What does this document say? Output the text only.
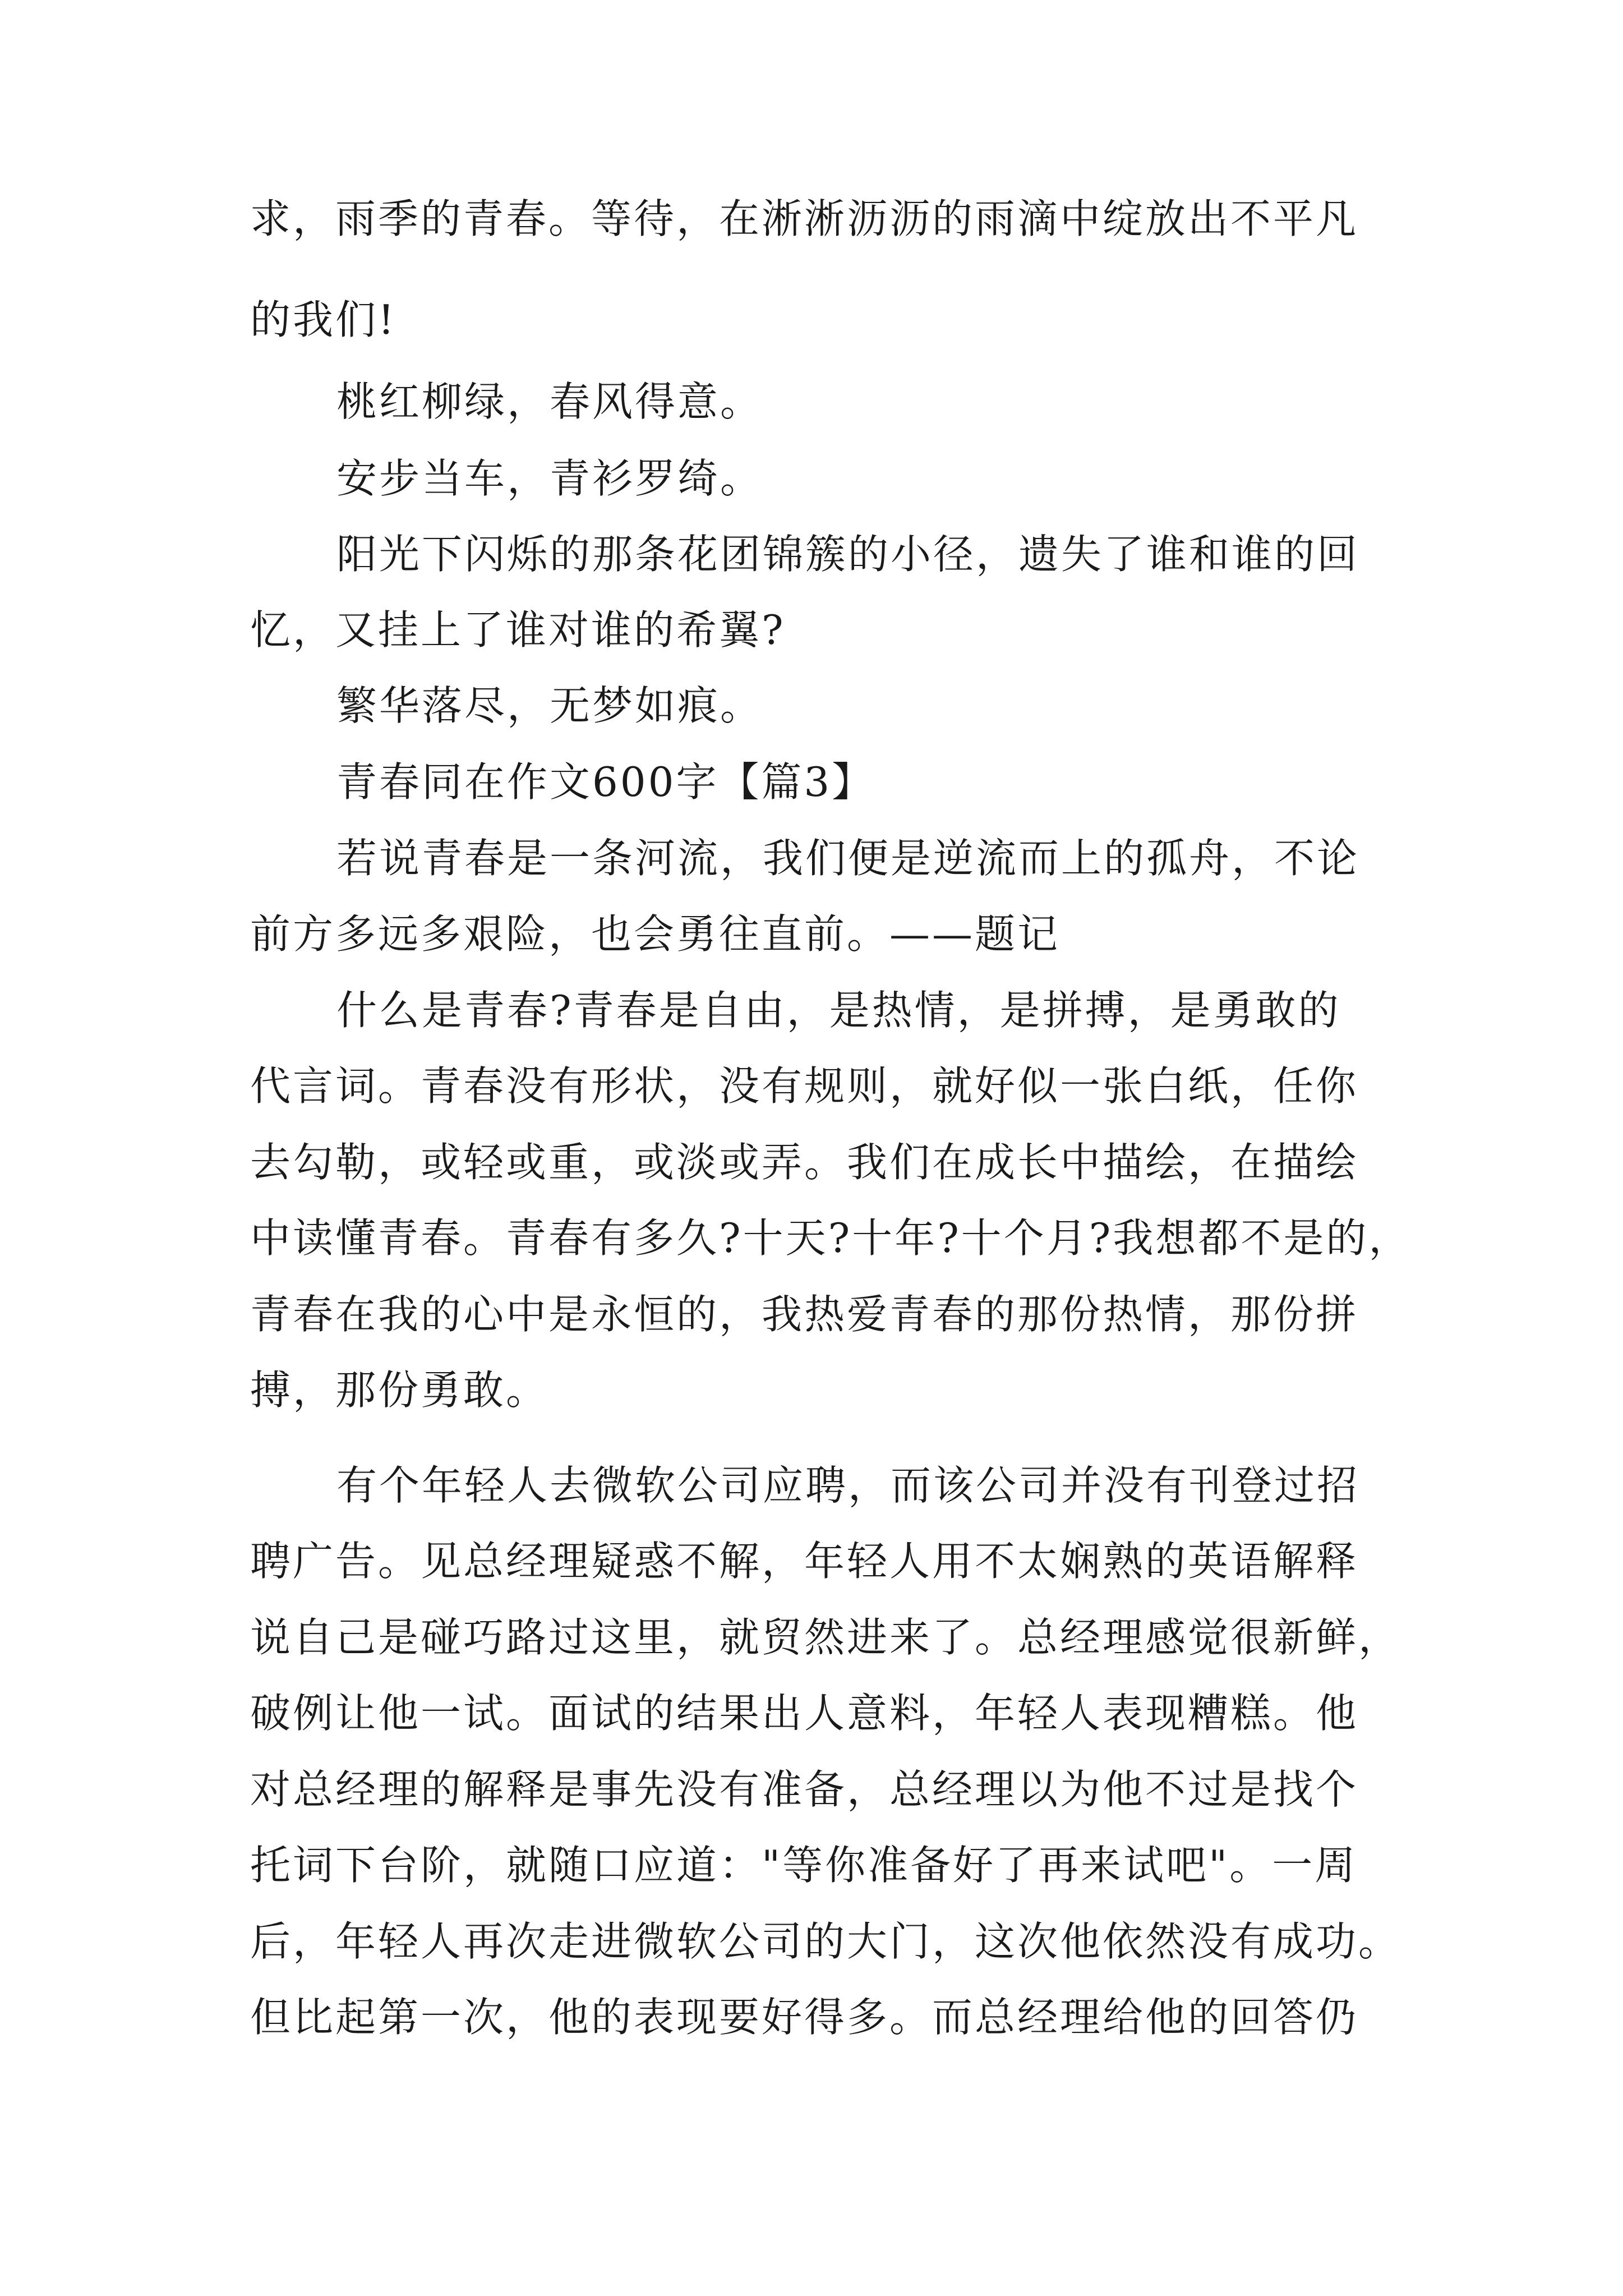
求，雨季的青春。等待，在淅淅沥沥的雨滴中绽放出不平凡
的我们!
桃红柳绿，春风得意。
安步当车，青衫罗绮。
阳光下闪烁的那条花团锦簇的小径，遗失了谁和谁的回
忆，又挂上了谁对谁的希翼?
繁华落尽，无梦如痕。
青春同在作文600字【篇3】
若说青春是一条河流，我们便是逆流而上的孤舟，不论
前方多远多艰险，也会勇往直前。——题记
什么是青春?青春是自由，是热情，是拼搏，是勇敢的
代言词。青春没有形状，没有规则，就好似一张白纸，任你
去勾勒，或轻或重，或淡或弄。我们在成长中描绘，在描绘
中读懂青春。青春有多久?十天?十年?十个月?我想都不是的，
青春在我的心中是永恒的，我热爱青春的那份热情，那份拼
搏，那份勇敢。
有个年轻人去微软公司应聘，而该公司并没有刊登过招
聘广告。见总经理疑惑不解，年轻人用不太娴熟的英语解释
说自己是碰巧路过这里，就贸然进来了。总经理感觉很新鲜，
破例让他一试。面试的结果出人意料，年轻人表现糟糕。他
对总经理的解释是事先没有准备，总经理以为他不过是找个
托词下台阶，就随口应道："等你准备好了再来试吧"。一周
后，年轻人再次走进微软公司的大门，这次他依然没有成功。
但比起第一次，他的表现要好得多。而总经理给他的回答仍
